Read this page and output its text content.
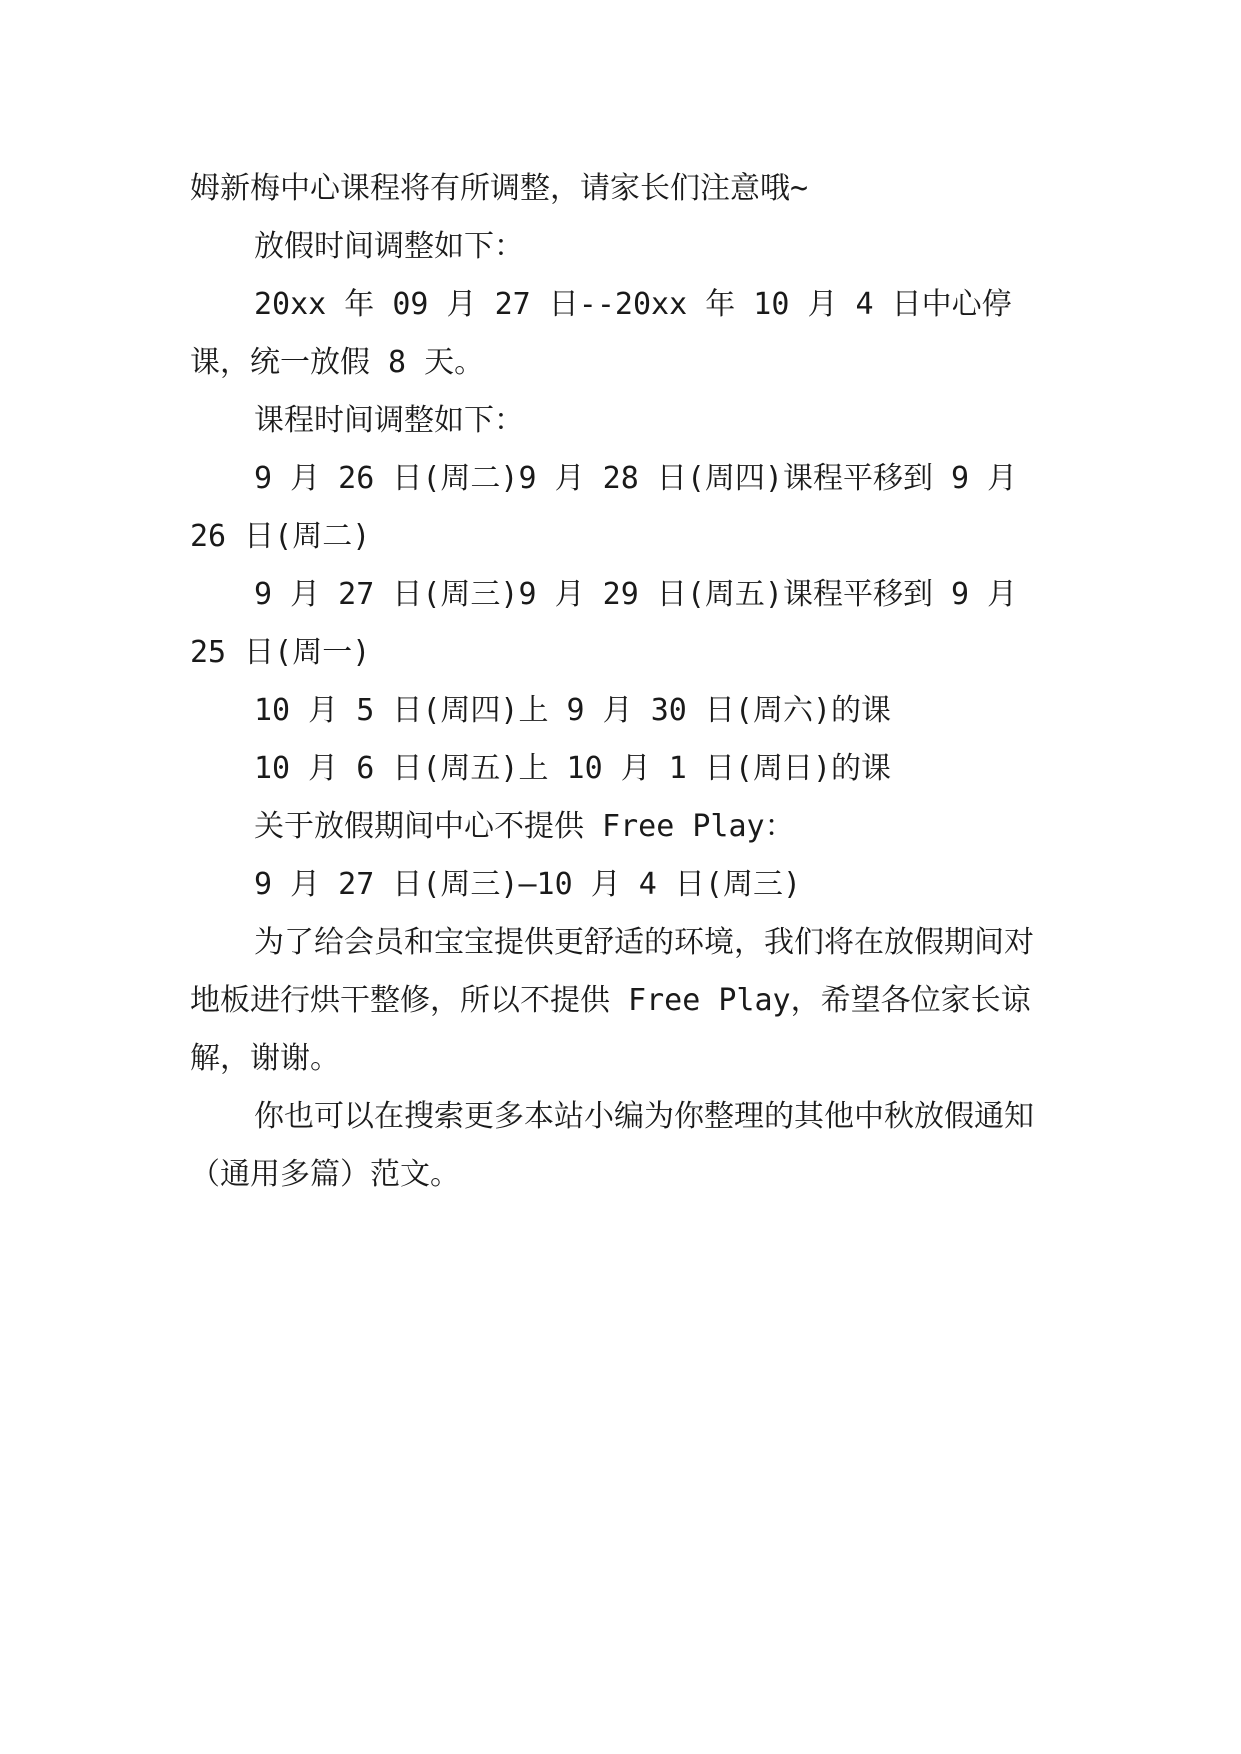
姆新梅中心课程将有所调整，请家长们注意哦~

放假时间调整如下：

20xx 年 09 月 27 日--20xx 年 10 月 4 日中心停课，统一放假 8 天。

课程时间调整如下：

9 月 26 日(周二)9 月 28 日(周四)课程平移到 9 月 26 日(周二)

9 月 27 日(周三)9 月 29 日(周五)课程平移到 9 月 25 日(周一)

10 月 5 日(周四)上 9 月 30 日(周六)的课

10 月 6 日(周五)上 10 月 1 日(周日)的课

关于放假期间中心不提供 Free Play：

9 月 27 日(周三)—10 月 4 日(周三)

为了给会员和宝宝提供更舒适的环境，我们将在放假期间对地板进行烘干整修，所以不提供 Free Play，希望各位家长谅解，谢谢。

你也可以在搜索更多本站小编为你整理的其他中秋放假通知（通用多篇）范文。
